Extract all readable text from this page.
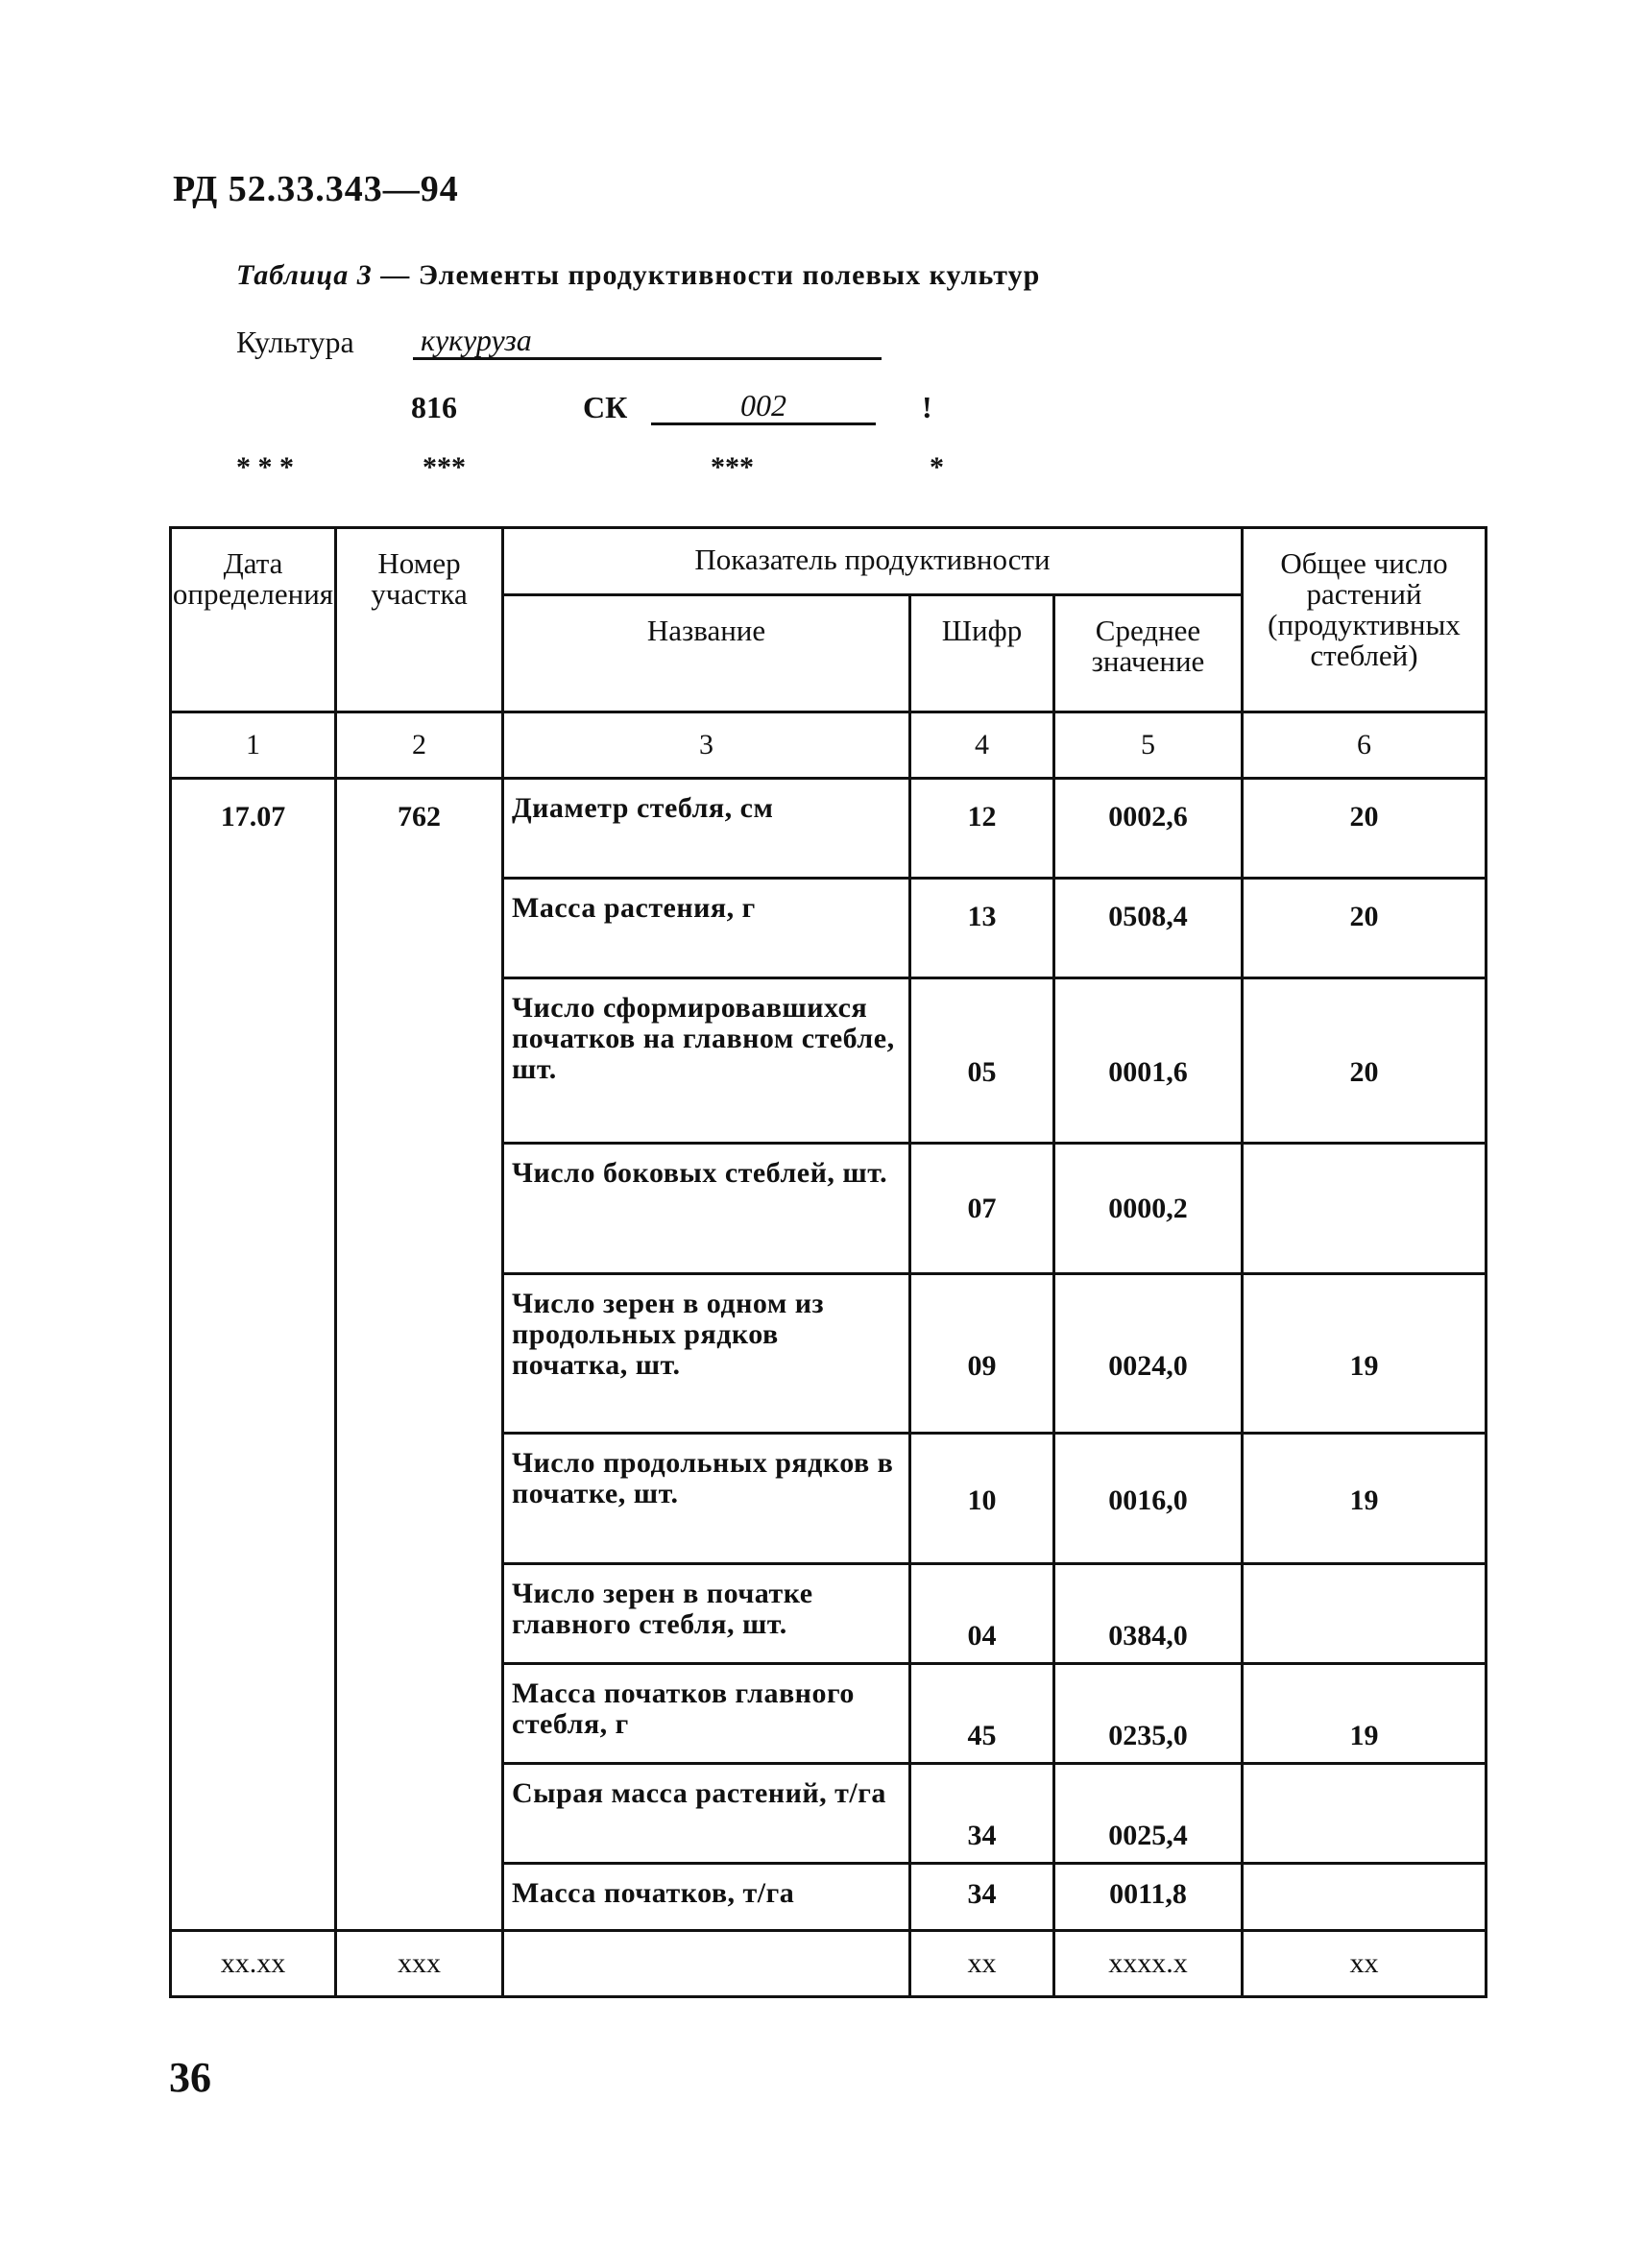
РД 52.33.343—94
Таблица 3 — Элементы продуктивности полевых культур
Культура кукуруза
816	СК	002	!
* * *	***	***	*
Дата определения	Номер участка	Показатель продуктивности			Общее число растений (продуктивных стеблей)
		Название	Шифр	Среднее значение	
1	2	3	4	5	6
17.07	762	Диаметр стебля, см	12	0002,6	20
		Масса растения, г	13	0508,4	20
		Число сформировавшихся початков на главном стебле, шт.	05	0001,6	20
		Число боковых стеблей, шт.	07	0000,2	
		Число зерен в одном из продольных рядков початка, шт.	09	0024,0	19
		Число продольных рядков в початке, шт.	10	0016,0	19
		Число зерен в початке главного стебля, шт.	04	0384,0	
		Масса початков главного стебля, г	45	0235,0	19
		Сырая масса растений, т/га	34	0025,4	
		Масса початков, т/га	34	0011,8	
xx.xx	xxx		xx	xxxx.x	xx
36
